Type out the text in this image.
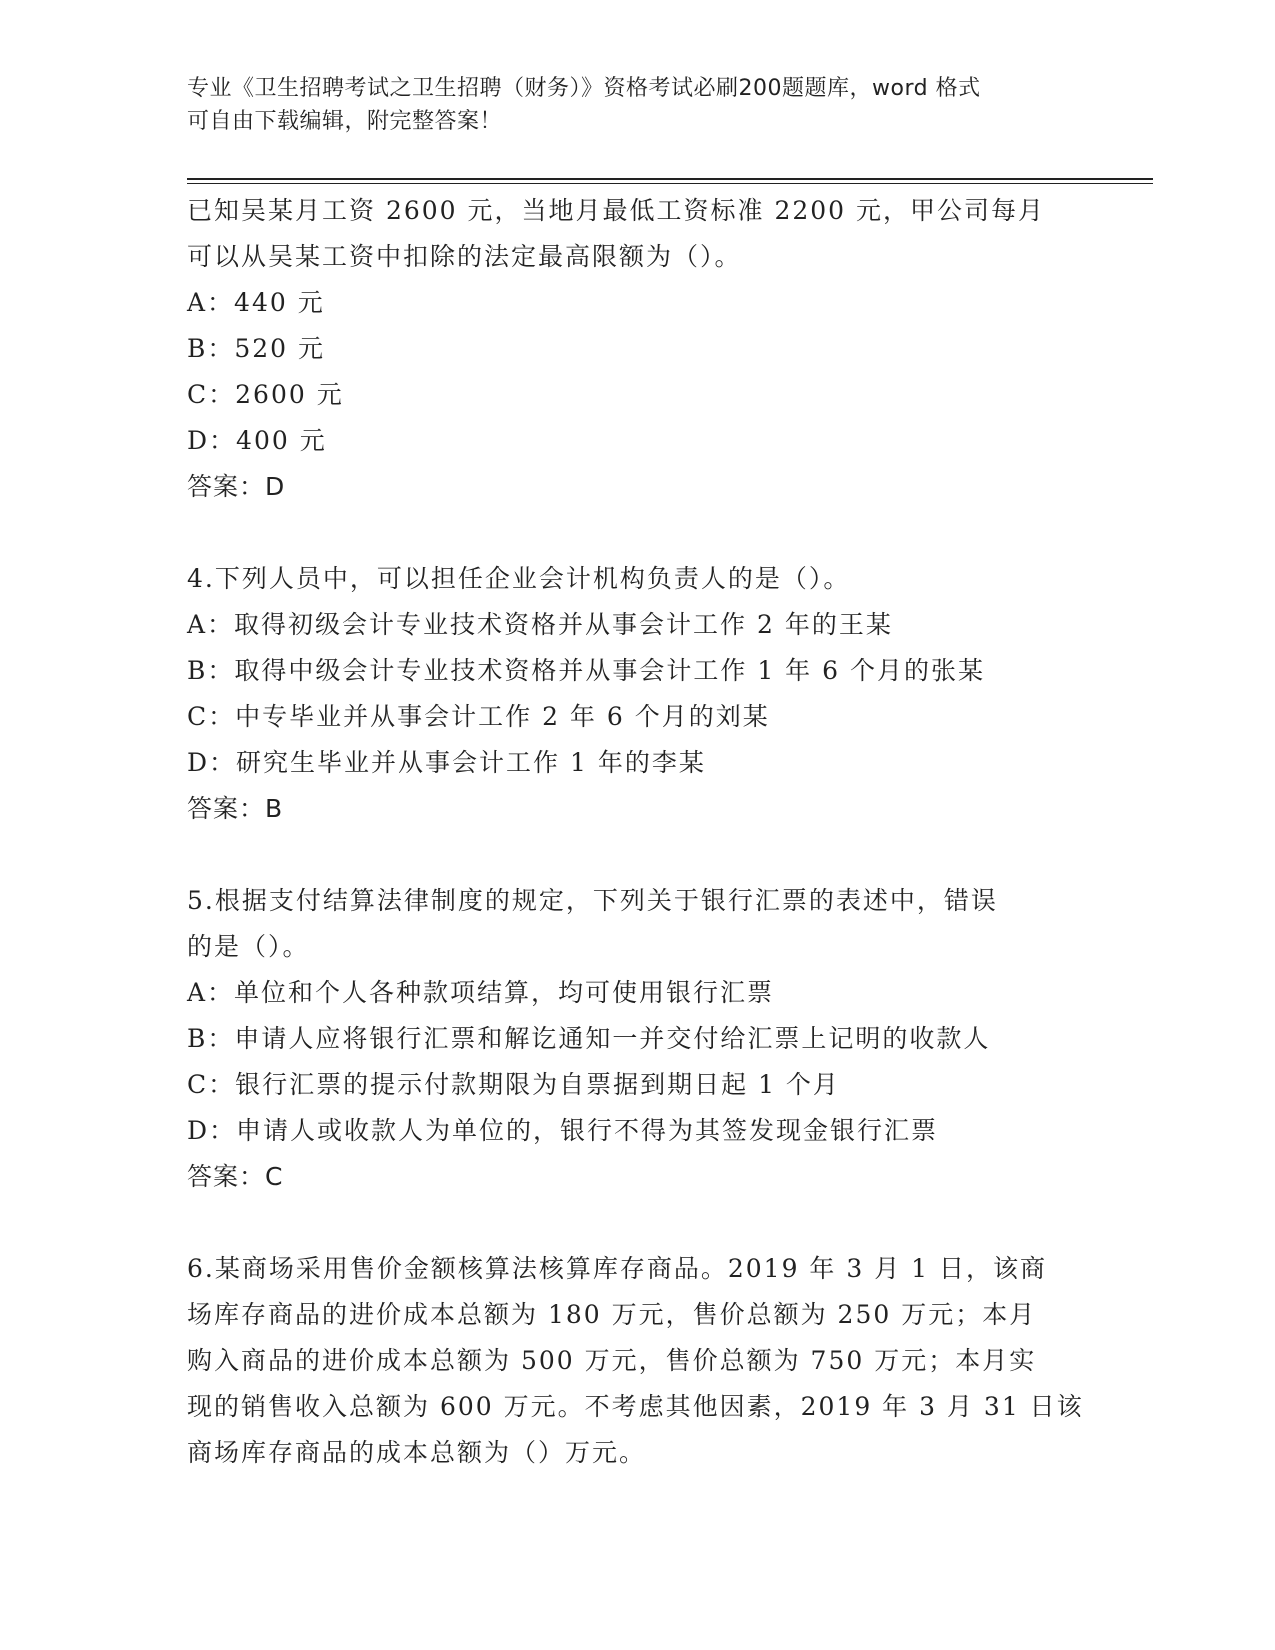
专业《卫生招聘考试之卫生招聘（财务）》资格考试必刷200题题库，word 格式
可自由下载编辑，附完整答案！
已知吴某月工资 2600 元，当地月最低工资标准 2200 元，甲公司每月
可以从吴某工资中扣除的法定最高限额为（）。
A：440 元
B：520 元
C：2600 元
D：400 元
答案：D
4.下列人员中，可以担任企业会计机构负责人的是（）。
A：取得初级会计专业技术资格并从事会计工作 2 年的王某
B：取得中级会计专业技术资格并从事会计工作 1 年 6 个月的张某
C：中专毕业并从事会计工作 2 年 6 个月的刘某
D：研究生毕业并从事会计工作 1 年的李某
答案：B
5.根据支付结算法律制度的规定，下列关于银行汇票的表述中，错误
的是（）。
A：单位和个人各种款项结算，均可使用银行汇票
B：申请人应将银行汇票和解讫通知一并交付给汇票上记明的收款人
C：银行汇票的提示付款期限为自票据到期日起 1 个月
D：申请人或收款人为单位的，银行不得为其签发现金银行汇票
答案：C
6.某商场采用售价金额核算法核算库存商品。2019 年 3 月 1 日，该商
场库存商品的进价成本总额为 180 万元，售价总额为 250 万元；本月
购入商品的进价成本总额为 500 万元，售价总额为 750 万元；本月实
现的销售收入总额为 600 万元。不考虑其他因素，2019 年 3 月 31 日该
商场库存商品的成本总额为（）万元。
